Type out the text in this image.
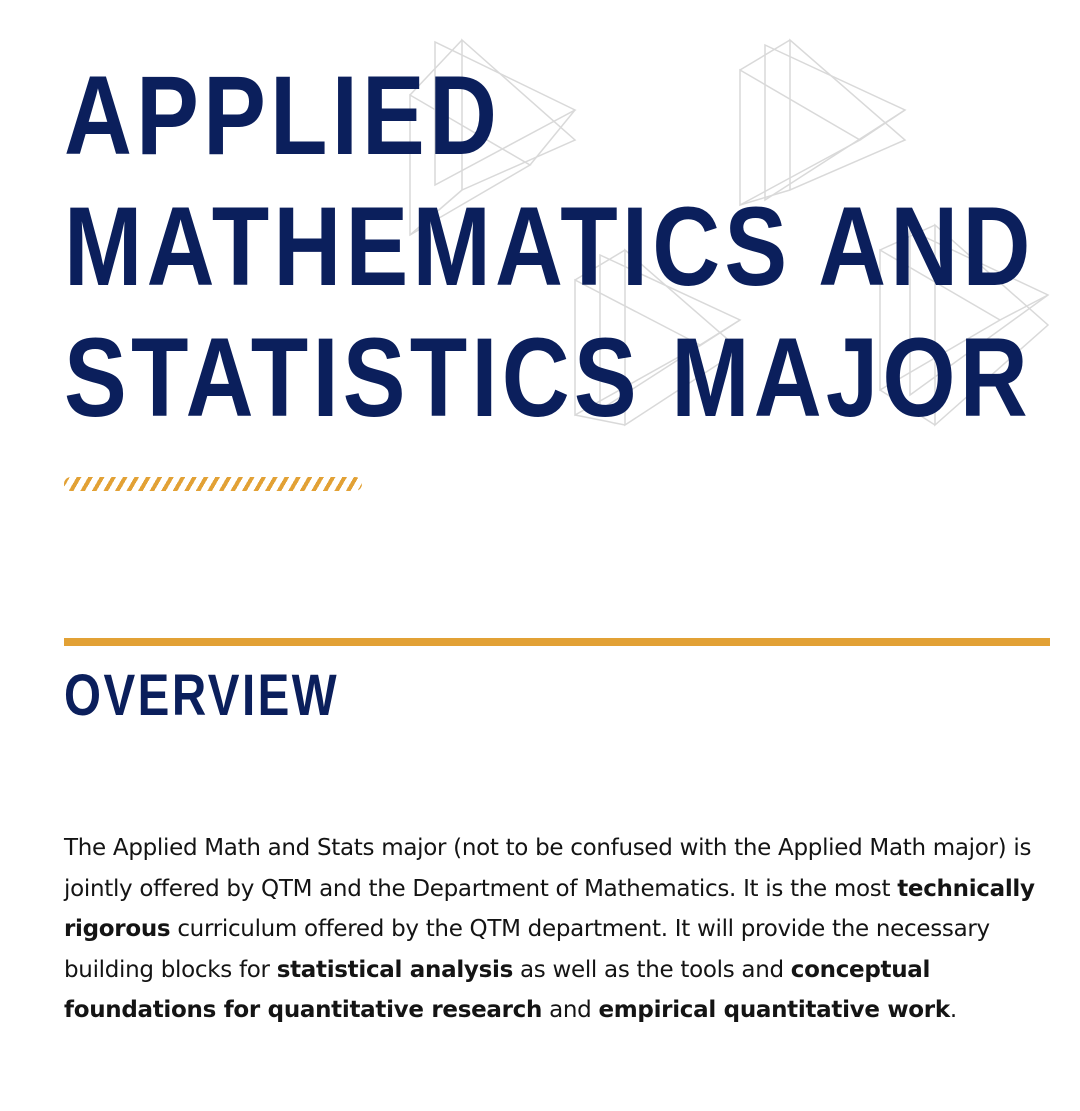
APPLIED
MATHEMATICS AND
STATISTICS MAJOR
OVERVIEW

The Applied Math and Stats major (not to be confused with the Applied Math major) is jointly offered by QTM and the Department of Mathematics. It is the most technically rigorous curriculum offered by the QTM department. It will provide the necessary building blocks for statistical analysis as well as the tools and conceptual foundations for quantitative research and empirical quantitative work.
